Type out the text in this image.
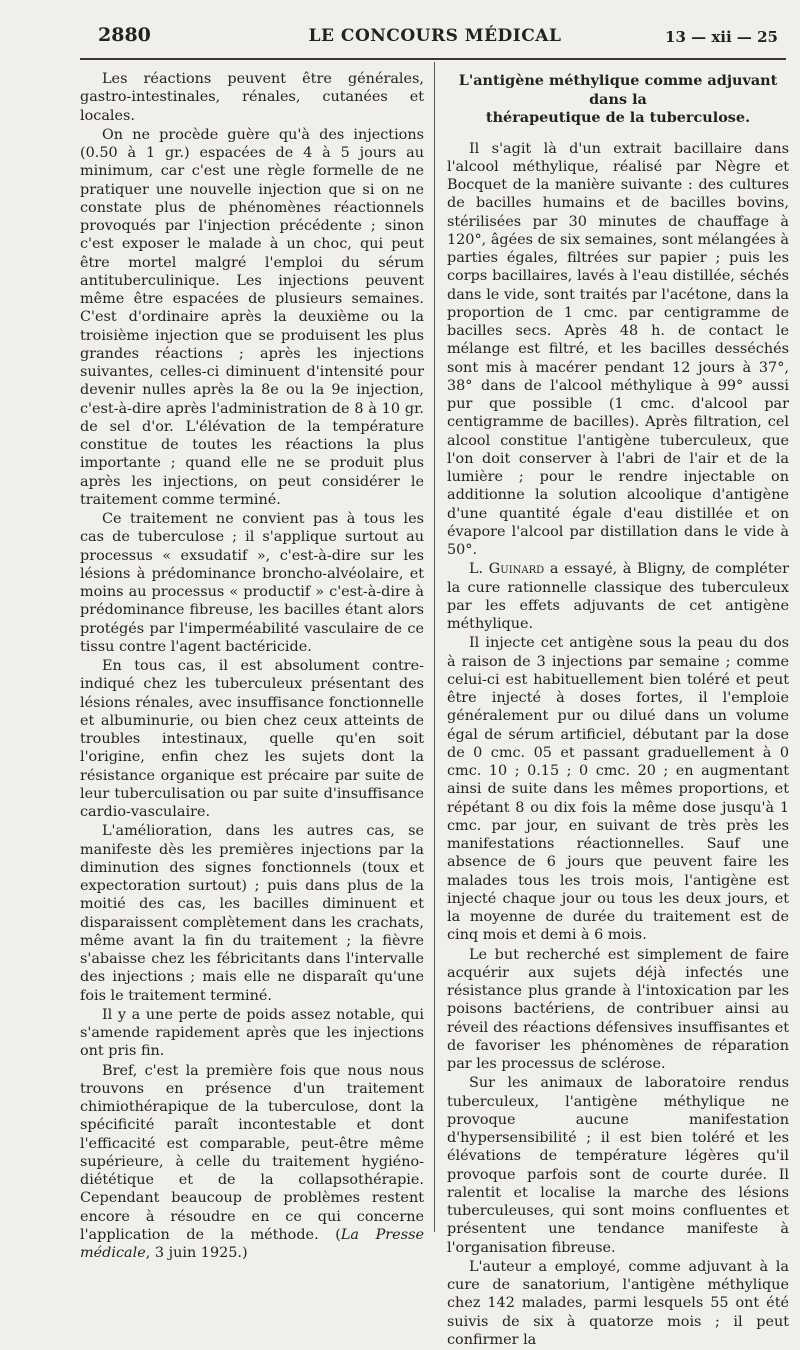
2880	LE CONCOURS MÉDICAL	13 — xii — 25

Les réactions peuvent être générales, gastro-intestinales, rénales, cutanées et locales.

On ne procède guère qu'à des injections (0.50 à 1 gr.) espacées de 4 à 5 jours au minimum, car c'est une règle formelle de ne pratiquer une nouvelle injection que si on ne constate plus de phénomènes réactionnels provoqués par l'injection précédente ; sinon c'est exposer le malade à un choc, qui peut être mortel malgré l'emploi du sérum antituberculinique. Les injections peuvent même être espacées de plusieurs semaines. C'est d'ordinaire après la deuxième ou la troisième injection que se produisent les plus grandes réactions ; après les injections suivantes, celles-ci diminuent d'intensité pour devenir nulles après la 8e ou la 9e injection, c'est-à-dire après l'administration de 8 à 10 gr. de sel d'or. L'élévation de la température constitue de toutes les réactions la plus importante ; quand elle ne se produit plus après les injections, on peut considérer le traitement comme terminé.

Ce traitement ne convient pas à tous les cas de tuberculose ; il s'applique surtout au processus « exsudatif », c'est-à-dire sur les lésions à prédominance broncho-alvéolaire, et moins au processus « productif » c'est-à-dire à prédominance fibreuse, les bacilles étant alors protégés par l'imperméabilité vasculaire de ce tissu contre l'agent bactéricide.

En tous cas, il est absolument contre-indiqué chez les tuberculeux présentant des lésions rénales, avec insuffisance fonctionnelle et albuminurie, ou bien chez ceux atteints de troubles intestinaux, quelle qu'en soit l'origine, enfin chez les sujets dont la résistance organique est précaire par suite de leur tuberculisation ou par suite d'insuffisance cardio-vasculaire.

L'amélioration, dans les autres cas, se manifeste dès les premières injections par la diminution des signes fonctionnels (toux et expectoration surtout) ; puis dans plus de la moitié des cas, les bacilles diminuent et disparaissent complètement dans les crachats, même avant la fin du traitement ; la fièvre s'abaisse chez les fébricitants dans l'intervalle des injections ; mais elle ne disparaît qu'une fois le traitement terminé.

Il y a une perte de poids assez notable, qui s'amende rapidement après que les injections ont pris fin.

Bref, c'est la première fois que nous nous trouvons en présence d'un traitement chimiothérapique de la tuberculose, dont la spécificité paraît incontestable et dont l'efficacité est comparable, peut-être même supérieure, à celle du traitement hygiéno-diététique et de la collapsothérapie. Cependant beaucoup de problèmes restent encore à résoudre en ce qui concerne l'application de la méthode. (La Presse médicale, 3 juin 1925.)

L'antigène méthylique comme adjuvant dans la
thérapeutique de la tuberculose.

Il s'agit là d'un extrait bacillaire dans l'alcool méthylique, réalisé par Nègre et Bocquet de la manière suivante : des cultures de bacilles humains et de bacilles bovins, stérilisées par 30 minutes de chauffage à 120°, âgées de six semaines, sont mélangées à parties égales, filtrées sur papier ; puis les corps bacillaires, lavés à l'eau distillée, séchés dans le vide, sont traités par l'acétone, dans la proportion de 1 cmc. par centigramme de bacilles secs. Après 48 h. de contact le mélange est filtré, et les bacilles desséchés sont mis à macérer pendant 12 jours à 37°, 38° dans de l'alcool méthylique à 99° aussi pur que possible (1 cmc. d'alcool par centigramme de bacilles). Après filtration, cel alcool constitue l'antigène tuberculeux, que l'on doit conserver à l'abri de l'air et de la lumière ; pour le rendre injectable on additionne la solution alcoolique d'antigène d'une quantité égale d'eau distillée et on évapore l'alcool par distillation dans le vide à 50°.

L. Guinard a essayé, à Bligny, de compléter la cure rationnelle classique des tuberculeux par les effets adjuvants de cet antigène méthylique.

Il injecte cet antigène sous la peau du dos à raison de 3 injections par semaine ; comme celui-ci est habituellement bien toléré et peut être injecté à doses fortes, il l'emploie généralement pur ou dilué dans un volume égal de sérum artificiel, débutant par la dose de 0 cmc. 05 et passant graduellement à 0 cmc. 10 ; 0.15 ; 0 cmc. 20 ; en augmentant ainsi de suite dans les mêmes proportions, et répétant 8 ou dix fois la même dose jusqu'à 1 cmc. par jour, en suivant de très près les manifestations réactionnelles. Sauf une absence de 6 jours que peuvent faire les malades tous les trois mois, l'antigène est injecté chaque jour ou tous les deux jours, et la moyenne de durée du traitement est de cinq mois et demi à 6 mois.

Le but recherché est simplement de faire acquérir aux sujets déjà infectés une résistance plus grande à l'intoxication par les poisons bactériens, de contribuer ainsi au réveil des réactions défensives insuffisantes et de favoriser les phénomènes de réparation par les processus de sclérose.

Sur les animaux de laboratoire rendus tuberculeux, l'antigène méthylique ne provoque aucune manifestation d'hypersensibilité ; il est bien toléré et les élévations de température légères qu'il provoque parfois sont de courte durée. Il ralentit et localise la marche des lésions tuberculeuses, qui sont moins confluentes et présentent une tendance manifeste à l'organisation fibreuse.

L'auteur a employé, comme adjuvant à la cure de sanatorium, l'antigène méthylique chez 142 malades, parmi lesquels 55 ont été suivis de six à quatorze mois ; il peut confirmer la
